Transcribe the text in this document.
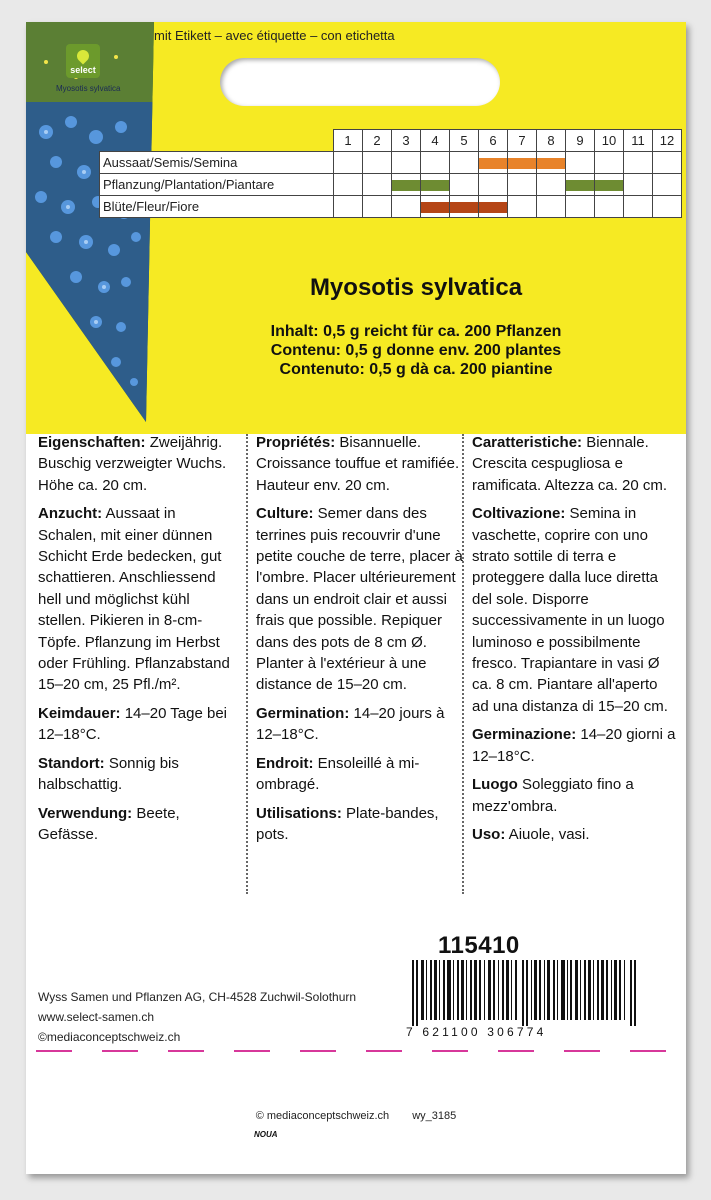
select
Myosotis sylvatica
mit Etikett – avec étiquette – con etichetta
	1	2	3	4	5	6	7	8	9	10	11	12
Aussaat/Semis/Semina						

Pflanzung/Plantation/Piantare			

Blüte/Fleur/Fiore				

Myosotis sylvatica
Inhalt: 0,5 g reicht für ca. 200 Pflanzen
Contenu: 0,5 g donne env. 200 plantes
Contenuto: 0,5 g dà ca. 200 piantine

Eigenschaften: Zweijährig. Buschig verzweigter Wuchs. Höhe ca. 20 cm.

Anzucht: Aussaat in Schalen, mit einer dünnen Schicht Erde bedecken, gut schattieren. Anschliessend hell und möglichst kühl stellen. Pikieren in 8-cm-Töpfe. Pflanzung im Herbst oder Frühling. Pflanzabstand 15–20 cm, 25 Pfl./m².

Keimdauer: 14–20 Tage bei 12–18°C.

Standort: Sonnig bis halbschattig.

Verwendung: Beete, Gefässe.

Propriétés: Bisannuelle. Croissance touffue et ramifiée. Hauteur env. 20 cm.

Culture: Semer dans des terrines puis recouvrir d'une petite couche de terre, placer à l'ombre. Placer ultérieurement dans un endroit clair et aussi frais que possible. Repiquer dans des pots de 8 cm Ø. Planter à l'extérieur à une distance de 15–20 cm.

Germination: 14–20 jours à 12–18°C.

Endroit: Ensoleillé à mi-ombragé.

Utilisations: Plate-bandes, pots.

Caratteristiche: Biennale. Crescita cespugliosa e ramificata. Altezza ca. 20 cm.

Coltivazione: Semina in vaschette, coprire con uno strato sottile di terra e proteggere dalla luce diretta del sole. Disporre successivamente in un luogo luminoso e possibilmente fresco. Trapiantare in vasi Ø ca. 8 cm. Piantare all'aperto ad una distanza di 15–20 cm.

Germinazione: 14–20 giorni a 12–18°C.

Luogo Soleggiato fino a mezz'ombra.

Uso: Aiuole, vasi.

Wyss Samen und Pflanzen AG, CH-4528 Zuchwil-Solothurn
www.select-samen.ch
©mediaconceptschweiz.ch
115410
7 621100 306774
© mediaconceptschweiz.ch wy_3185
NOUA
